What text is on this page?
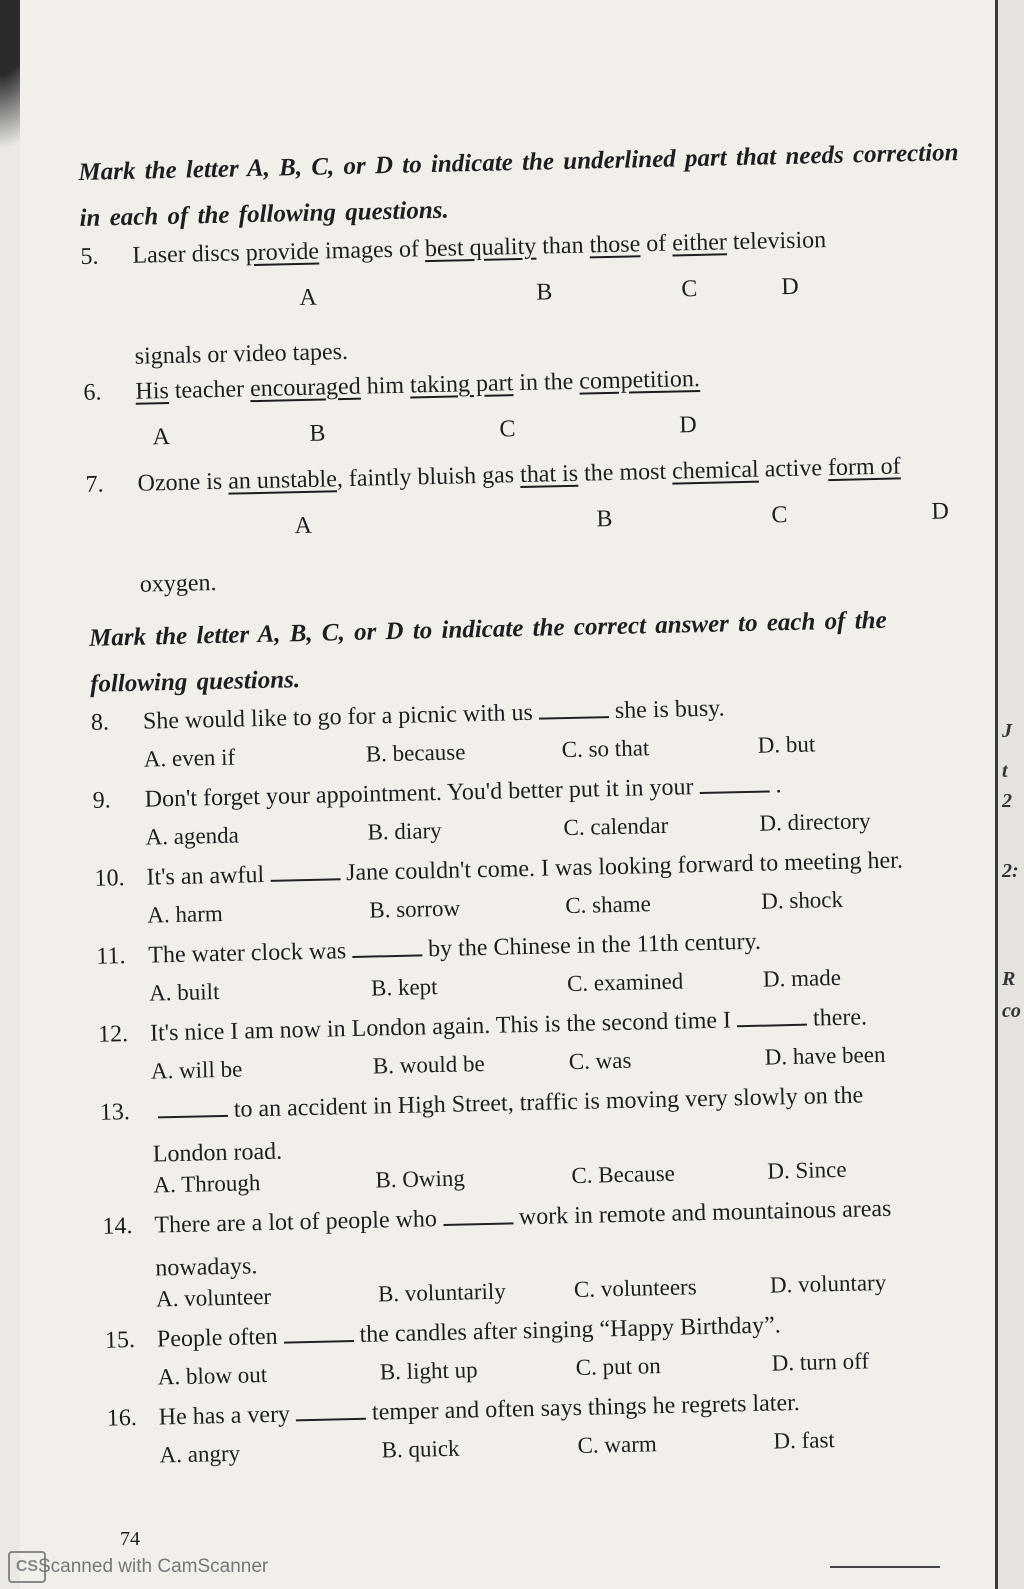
J
t
2
2:
R
co
Mark the letter A, B, C, or D to indicate the underlined part that needs correction in each of the following questions.
5.	Laser discs provide images of best quality than those of either television
A	B	C	D
signals or video tapes.
6.	His teacher encouraged him taking part in the competition.
A	B	C	D
7.	Ozone is an unstable, faintly bluish gas that is the most chemical active form of
A	B	C	D
oxygen.
Mark the letter A, B, C, or D to indicate the correct answer to each of the following questions.
8.	She would like to go for a picnic with us	she is busy.
A. even if	B. because	C. so that	D. but
9.	Don't forget your appointment. You'd better put it in your	.
A. agenda	B. diary	C. calendar	D. directory
10. It's an awful	Jane couldn't come. I was looking forward to meeting her.
A. harm	B. sorrow	C. shame	D. shock
11. The water clock was	by the Chinese in the 11th century.
A. built	B. kept	C. examined	D. made
12. It's nice I am now in London again. This is the second time I	there.
A. will be	B. would be	C. was	D. have been
13.	to an accident in High Street, traffic is moving very slowly on the
London road.
A. Through	B. Owing	C. Because	D. Since
14. There are a lot of people who	work in remote and mountainous areas
nowadays.
A. volunteer	B. voluntarily	C. volunteers	D. voluntary
15. People often	the candles after singing “Happy Birthday”.
A. blow out	B. light up	C. put on	D. turn off
16. He has a very	temper and often says things he regrets later.
A. angry	B. quick	C. warm	D. fast
74
CS Scanned with CamScanner
